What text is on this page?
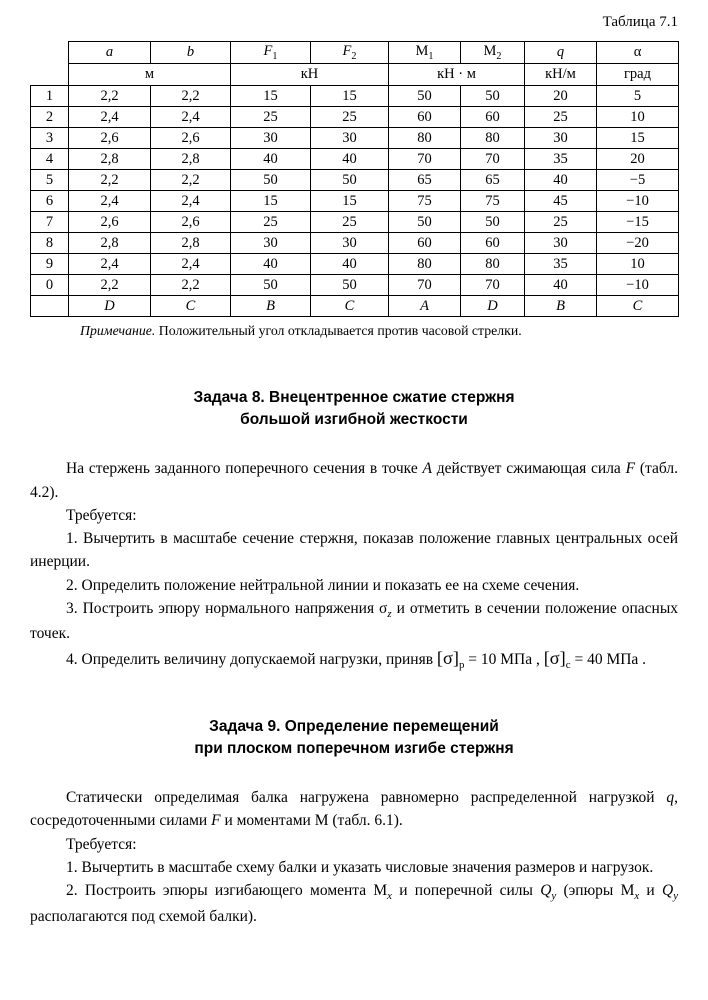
Таблица 7.1
	a	b	$F_1$	$F_2$	$М_1$	$М_2$	q	α
	м		кН		кН · м		кН/м	град
1	2,2	2,2	15	15	50	50	20	5
2	2,4	2,4	25	25	60	60	25	10
3	2,6	2,6	30	30	80	80	30	15
4	2,8	2,8	40	40	70	70	35	20
5	2,2	2,2	50	50	65	65	40	−5
6	2,4	2,4	15	15	75	75	45	−10
7	2,6	2,6	25	25	50	50	25	−15
8	2,8	2,8	30	30	60	60	30	−20
9	2,4	2,4	40	40	80	80	35	10
0	2,2	2,2	50	50	70	70	40	−10
	D	C	B	C	A	D	B	C

Примечание. Положительный угол откладывается против часовой стрелки.

Задача 8. Внецентренное сжатие стержня
большой изгибной жесткости

На стержень заданного поперечного сечения в точке A действует сжимающая сила F (табл. 4.2).

Требуется:

1. Вычертить в масштабе сечение стержня, показав положение главных центральных осей инерции.

2. Определить положение нейтральной линии и показать ее на схеме сечения.

3. Построить эпюру нормального напряжения $\sigma_z$ и отметить в сечении положение опасных точек.

4. Определить величину допускаемой нагрузки, приняв $[\sigma]_р = 10$ МПа , $[\sigma]_с = 40$ МПа .

Задача 9. Определение перемещений
при плоском поперечном изгибе стержня

Статически определимая балка нагружена равномерно распределенной нагрузкой q, сосредоточенными силами F и моментами М (табл. 6.1).

Требуется:

1. Вычертить в масштабе схему балки и указать числовые значения размеров и нагрузок.

2. Построить эпюры изгибающего момента $М_x$ и поперечной силы $Q_y$ (эпюры $М_x$ и $Q_y$ располагаются под схемой балки).
